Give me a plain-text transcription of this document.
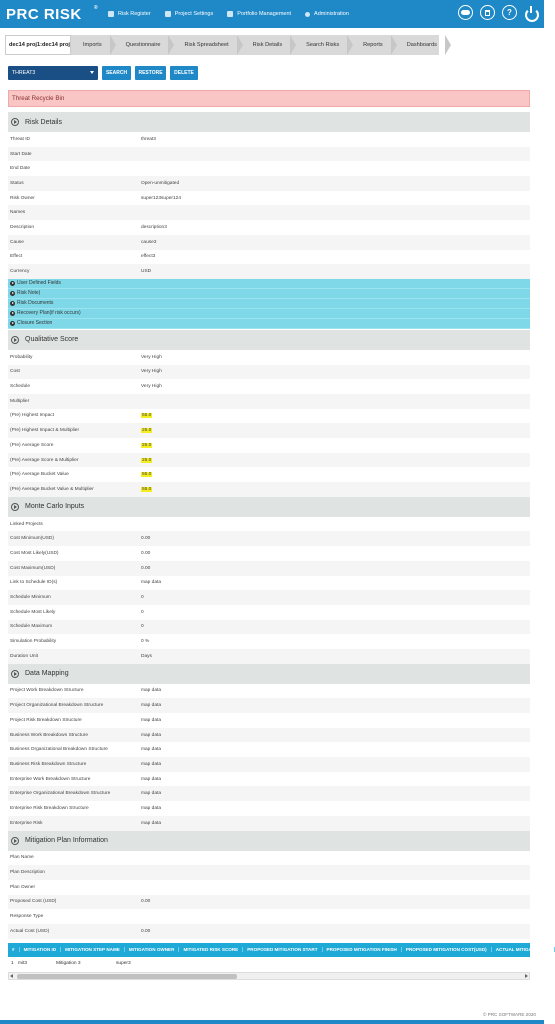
PRC RISK ®
Risk Register	Project Settings	Portfolio Management	Administration	?
dec14 proj1:dec14 proj	Imports	Questionnaire	Risk Spreadsheet	Risk Details	Search Risks	Reports	Dashboards
THREAT3	SEARCH	RESTORE	DELETE
Threat Recycle Bin
Risk Details
Threat ID	threat3
Start Date
End Date
Status	Open-unmitigated
Risk Owner	super123super124
Names
Description	description3
Cause	cause3
Effect	effect3
Currency	USD
User Defined Fields
Risk Note)
Risk Documents
Recovery Plan(if risk occurs)
Closure Section
Qualitative Score
Probability	Very High
Cost	Very High
Schedule	Very High
Multiplier
(Pre) Highest Impact	55.0
(Pre) Highest Impact & Multiplier	25.0
(Pre) Average Score	25.0
(Pre) Average Score & Multiplier	25.0
(Pre) Average Bucket Value	55.0
(Pre) Average Bucket Value & Multiplier	55.0
Monte Carlo Inputs
Linked Projects
Cost Minimum(USD)	0.00
Cost Most Likely(USD)	0.00
Cost Maximum(USD)	0.00
Link to Schedule ID(s)	map data
Schedule Minimum	0
Schedule Most Likely	0
Schedule Maximum	0
Simulation Probability	0 %
Duration Unit	Days
Data Mapping
Project Work Breakdown Structure	map data
Project Organizational Breakdown Structure	map data
Project Risk Breakdown Structure	map data
Business Work Breakdown Structure	map data
Business Organizational Breakdown Structure	map data
Business Risk Breakdown Structure	map data
Enterprise Work Breakdown Structure	map data
Enterprise Organizational Breakdown Structure	map data
Enterprise Risk Breakdown Structure	map data
Enterprise Risk	map data
Mitigation Plan Information
Plan Name
Plan Description
Plan Owner
Proposed Cost (USD)	0.00
Response Type
Actual Cost (USD)	0.00
#	MITIGATION ID	MITIGATION STEP NAME	MITIGATION OWNER	MITIGATED RISK SCORE	PROPOSED MITIGATION START	PROPOSED MITIGATION FINISH	PROPOSED MITIGATION COST(USD)	ACTUAL MITIGATION ST
1 mit3	Mitigation 3	super3
© PRC SOFTWARE 2020
